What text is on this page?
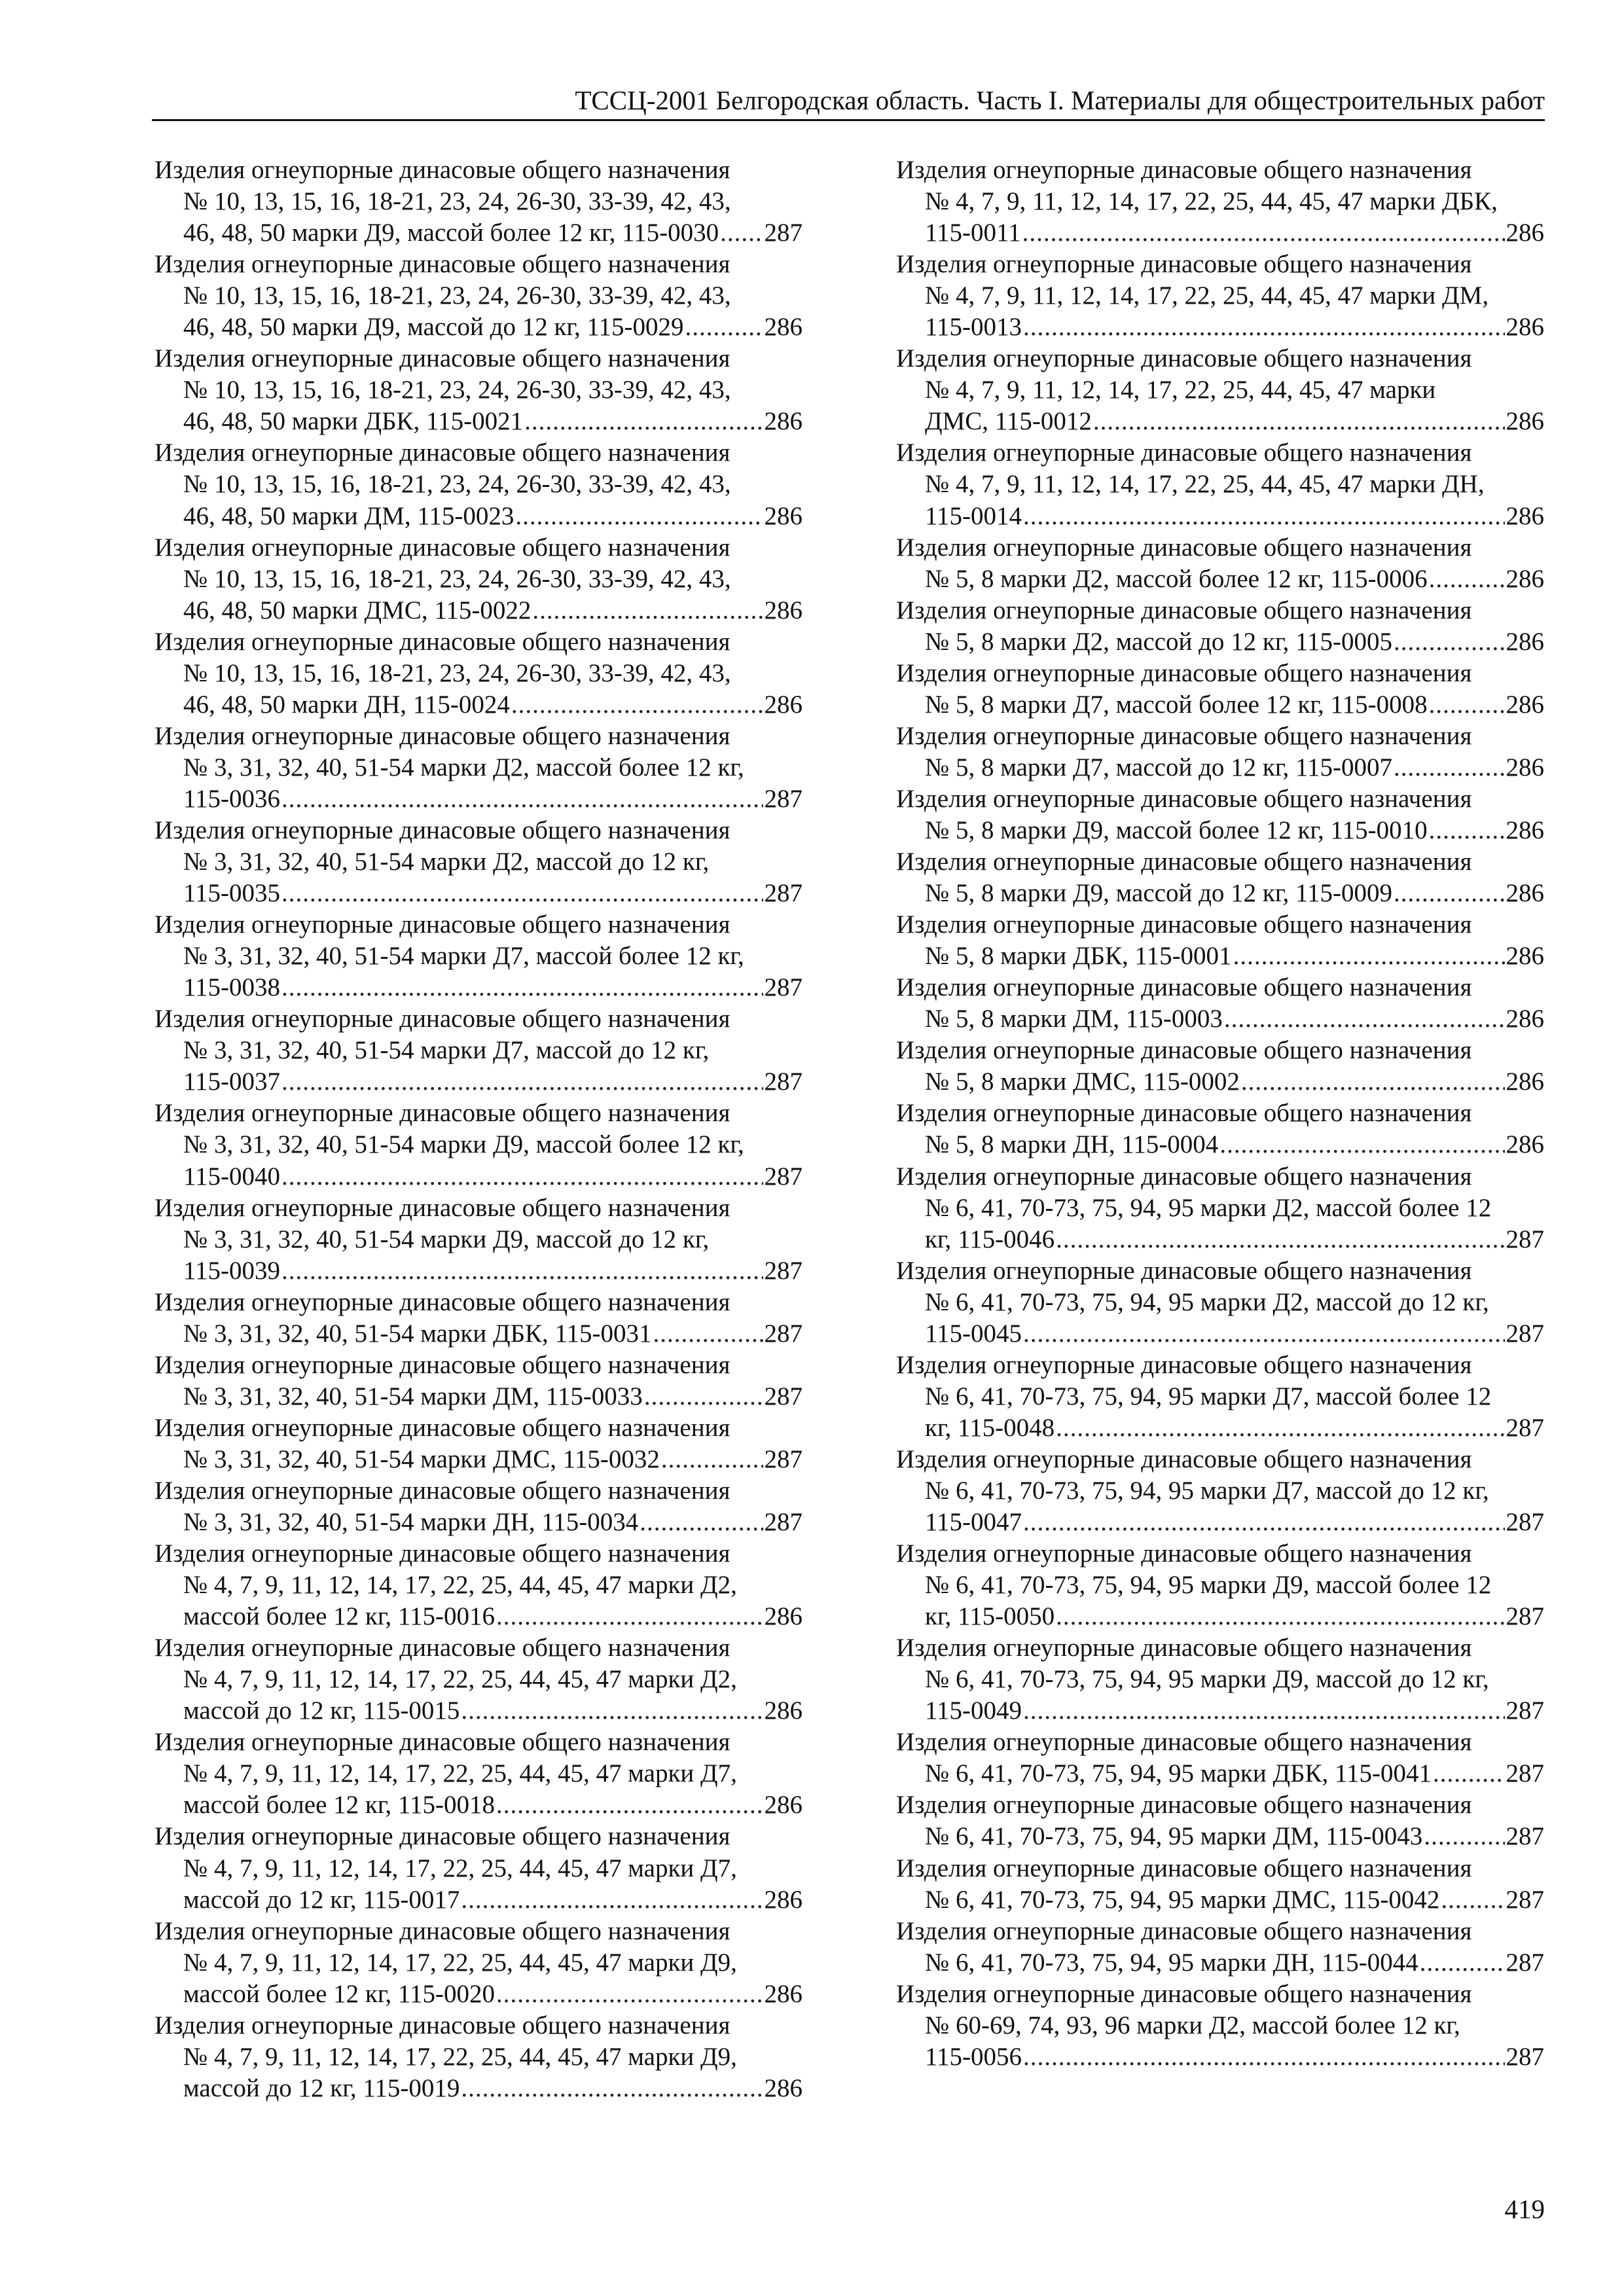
ТССЦ-2001 Белгородская область. Часть I. Материалы для общестроительных работ
Изделия огнеупорные динасовые общего назначения
№ 10, 13, 15, 16, 18-21, 23, 24, 26-30, 33-39, 42, 43,
46, 48, 50 марки Д9, массой более 12 кг, 115-0030 ..... 287
Изделия огнеупорные динасовые общего назначения
№ 10, 13, 15, 16, 18-21, 23, 24, 26-30, 33-39, 42, 43,
46, 48, 50 марки Д9, массой до 12 кг, 115-0029 .....	286
Изделия огнеупорные динасовые общего назначения
№ 10, 13, 15, 16, 18-21, 23, 24, 26-30, 33-39, 42, 43,
46, 48, 50 марки ДБК, 115-0021 .....	286
Изделия огнеупорные динасовые общего назначения
№ 10, 13, 15, 16, 18-21, 23, 24, 26-30, 33-39, 42, 43,
46, 48, 50 марки ДМ, 115-0023 .....	286
Изделия огнеупорные динасовые общего назначения
№ 10, 13, 15, 16, 18-21, 23, 24, 26-30, 33-39, 42, 43,
46, 48, 50 марки ДМС, 115-0022 .....	286
Изделия огнеупорные динасовые общего назначения
№ 10, 13, 15, 16, 18-21, 23, 24, 26-30, 33-39, 42, 43,
46, 48, 50 марки ДН, 115-0024 .....	286
Изделия огнеупорные динасовые общего назначения
№ 3, 31, 32, 40, 51-54 марки Д2, массой более 12 кг,
115-0036 .....	287
Изделия огнеупорные динасовые общего назначения
№ 3, 31, 32, 40, 51-54 марки Д2, массой до 12 кг,
115-0035 .....	287
Изделия огнеупорные динасовые общего назначения
№ 3, 31, 32, 40, 51-54 марки Д7, массой более 12 кг,
115-0038 .....	287
Изделия огнеупорные динасовые общего назначения
№ 3, 31, 32, 40, 51-54 марки Д7, массой до 12 кг,
115-0037 .....	287
Изделия огнеупорные динасовые общего назначения
№ 3, 31, 32, 40, 51-54 марки Д9, массой более 12 кг,
115-0040 .....	287
Изделия огнеупорные динасовые общего назначения
№ 3, 31, 32, 40, 51-54 марки Д9, массой до 12 кг,
115-0039 .....	287
Изделия огнеупорные динасовые общего назначения
№ 3, 31, 32, 40, 51-54 марки ДБК, 115-0031 .....	287
Изделия огнеупорные динасовые общего назначения
№ 3, 31, 32, 40, 51-54 марки ДМ, 115-0033 .....	287
Изделия огнеупорные динасовые общего назначения
№ 3, 31, 32, 40, 51-54 марки ДМС, 115-0032 .....	287
Изделия огнеупорные динасовые общего назначения
№ 3, 31, 32, 40, 51-54 марки ДН, 115-0034 .....	287
Изделия огнеупорные динасовые общего назначения
№ 4, 7, 9, 11, 12, 14, 17, 22, 25, 44, 45, 47 марки Д2,
массой более 12 кг, 115-0016 .....	286
Изделия огнеупорные динасовые общего назначения
№ 4, 7, 9, 11, 12, 14, 17, 22, 25, 44, 45, 47 марки Д2,
массой до 12 кг, 115-0015 .....	286
Изделия огнеупорные динасовые общего назначения
№ 4, 7, 9, 11, 12, 14, 17, 22, 25, 44, 45, 47 марки Д7,
массой более 12 кг, 115-0018 .....	286
Изделия огнеупорные динасовые общего назначения
№ 4, 7, 9, 11, 12, 14, 17, 22, 25, 44, 45, 47 марки Д7,
массой до 12 кг, 115-0017 .....	286
Изделия огнеупорные динасовые общего назначения
№ 4, 7, 9, 11, 12, 14, 17, 22, 25, 44, 45, 47 марки Д9,
массой более 12 кг, 115-0020 .....	286
Изделия огнеупорные динасовые общего назначения
№ 4, 7, 9, 11, 12, 14, 17, 22, 25, 44, 45, 47 марки Д9,
массой до 12 кг, 115-0019 .....	286
Изделия огнеупорные динасовые общего назначения
№ 4, 7, 9, 11, 12, 14, 17, 22, 25, 44, 45, 47 марки ДБК,
115-0011 .....	286
Изделия огнеупорные динасовые общего назначения
№ 4, 7, 9, 11, 12, 14, 17, 22, 25, 44, 45, 47 марки ДМ,
115-0013 .....	286
Изделия огнеупорные динасовые общего назначения
№ 4, 7, 9, 11, 12, 14, 17, 22, 25, 44, 45, 47 марки
ДМС, 115-0012 .....	286
Изделия огнеупорные динасовые общего назначения
№ 4, 7, 9, 11, 12, 14, 17, 22, 25, 44, 45, 47 марки ДН,
115-0014 .....	286
Изделия огнеупорные динасовые общего назначения
№ 5, 8 марки Д2, массой более 12 кг, 115-0006 .....	286
Изделия огнеупорные динасовые общего назначения
№ 5, 8 марки Д2, массой до 12 кг, 115-0005 .....	286
Изделия огнеупорные динасовые общего назначения
№ 5, 8 марки Д7, массой более 12 кг, 115-0008 .....	286
Изделия огнеупорные динасовые общего назначения
№ 5, 8 марки Д7, массой до 12 кг, 115-0007 .....	286
Изделия огнеупорные динасовые общего назначения
№ 5, 8 марки Д9, массой более 12 кг, 115-0010 .....	286
Изделия огнеупорные динасовые общего назначения
№ 5, 8 марки Д9, массой до 12 кг, 115-0009 .....	286
Изделия огнеупорные динасовые общего назначения
№ 5, 8 марки ДБК, 115-0001 .....	286
Изделия огнеупорные динасовые общего назначения
№ 5, 8 марки ДМ, 115-0003 .....	286
Изделия огнеупорные динасовые общего назначения
№ 5, 8 марки ДМС, 115-0002 .....	286
Изделия огнеупорные динасовые общего назначения
№ 5, 8 марки ДН, 115-0004 .....	286
Изделия огнеупорные динасовые общего назначения
№ 6, 41, 70-73, 75, 94, 95 марки Д2, массой более 12
кг, 115-0046 .....	287
Изделия огнеупорные динасовые общего назначения
№ 6, 41, 70-73, 75, 94, 95 марки Д2, массой до 12 кг,
115-0045 .....	287
Изделия огнеупорные динасовые общего назначения
№ 6, 41, 70-73, 75, 94, 95 марки Д7, массой более 12
кг, 115-0048 .....	287
Изделия огнеупорные динасовые общего назначения
№ 6, 41, 70-73, 75, 94, 95 марки Д7, массой до 12 кг,
115-0047 .....	287
Изделия огнеупорные динасовые общего назначения
№ 6, 41, 70-73, 75, 94, 95 марки Д9, массой более 12
кг, 115-0050 .....	287
Изделия огнеупорные динасовые общего назначения
№ 6, 41, 70-73, 75, 94, 95 марки Д9, массой до 12 кг,
115-0049 .....	287
Изделия огнеупорные динасовые общего назначения
№ 6, 41, 70-73, 75, 94, 95 марки ДБК, 115-0041 .....	287
Изделия огнеупорные динасовые общего назначения
№ 6, 41, 70-73, 75, 94, 95 марки ДМ, 115-0043 .....	287
Изделия огнеупорные динасовые общего назначения
№ 6, 41, 70-73, 75, 94, 95 марки ДМС, 115-0042 .....	287
Изделия огнеупорные динасовые общего назначения
№ 6, 41, 70-73, 75, 94, 95 марки ДН, 115-0044 .....	287
Изделия огнеупорные динасовые общего назначения
№ 60-69, 74, 93, 96 марки Д2, массой более 12 кг,
115-0056 .....	287
419
